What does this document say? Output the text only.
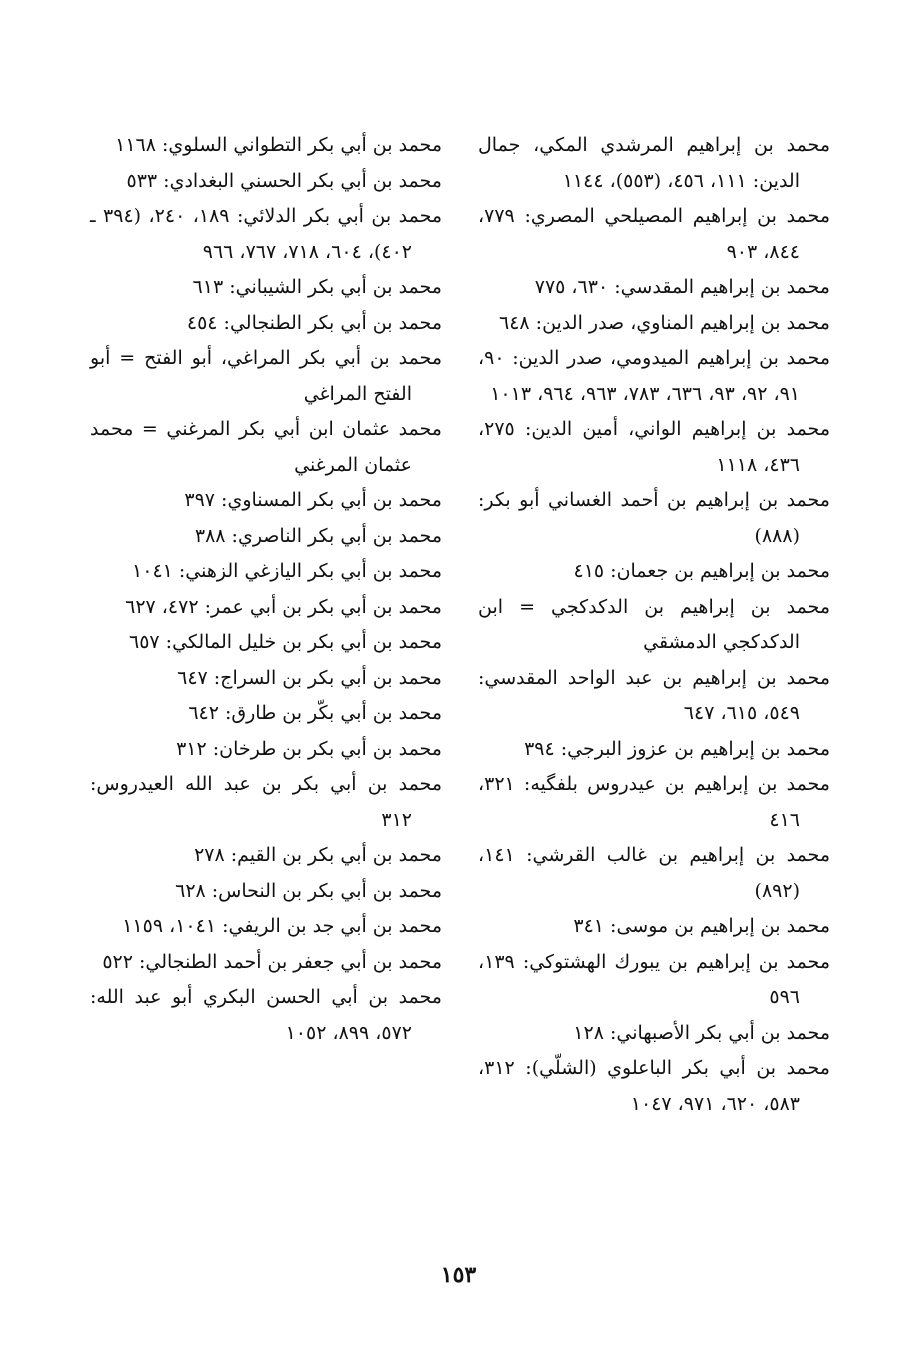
محمد بن إبراهيم المرشدي المكي، جمال الدين: ١١١، ٤٥٦، (٥٥٣)، ١١٤٤

محمد بن إبراهيم المصيلحي المصري: ٧٧٩، ٨٤٤، ٩٠٣

محمد بن إبراهيم المقدسي: ٦٣٠، ٧٧٥

محمد بن إبراهيم المناوي، صدر الدين: ٦٤٨

محمد بن إبراهيم الميدومي، صدر الدين: ٩٠، ٩١، ٩٢، ٩٣، ٦٣٦، ٧٨٣، ٩٦٣، ٩٦٤، ١٠١٣

محمد بن إبراهيم الواني، أمين الدين: ٢٧٥، ٤٣٦، ١١١٨

محمد بن إبراهيم بن أحمد الغساني أبو بكر: (٨٨٨)

محمد بن إبراهيم بن جعمان: ٤١٥

محمد بن إبراهيم بن الدكدكجي = ابن الدكدكجي الدمشقي

محمد بن إبراهيم بن عبد الواحد المقدسي: ٥٤٩، ٦١٥، ٦٤٧

محمد بن إبراهيم بن عزوز البرجي: ٣٩٤

محمد بن إبراهيم بن عيدروس بلفگيه: ٣٢١، ٤١٦

محمد بن إبراهيم بن غالب القرشي: ١٤١، (٨٩٢)

محمد بن إبراهيم بن موسى: ٣٤١

محمد بن إبراهيم بن يبورك الهشتوكي: ١٣٩، ٥٩٦

محمد بن أبي بكر الأصبهاني: ١٢٨

محمد بن أبي بكر الباعلوي (الشلّي): ٣١٢، ٥٨٣، ٦٢٠، ٩٧١، ١٠٤٧

محمد بن أبي بكر التطواني السلوي: ١١٦٨

محمد بن أبي بكر الحسني البغدادي: ٥٣٣

محمد بن أبي بكر الدلائي: ١٨٩، ٢٤٠، (٣٩٤ ـ ٤٠٢)، ٦٠٤، ٧١٨، ٧٦٧، ٩٦٦

محمد بن أبي بكر الشيباني: ٦١٣

محمد بن أبي بكر الطنجالي: ٤٥٤

محمد بن أبي بكر المراغي، أبو الفتح = أبو الفتح المراغي

محمد عثمان ابن أبي بكر المرغني = محمد عثمان المرغني

محمد بن أبي بكر المسناوي: ٣٩٧

محمد بن أبي بكر الناصري: ٣٨٨

محمد بن أبي بكر اليازغي الزهني: ١٠٤١

محمد بن أبي بكر بن أبي عمر: ٤٧٢، ٦٢٧

محمد بن أبي بكر بن خليل المالكي: ٦٥٧

محمد بن أبي بكر بن السراج: ٦٤٧

محمد بن أبي بكّر بن طارق: ٦٤٢

محمد بن أبي بكر بن طرخان: ٣١٢

محمد بن أبي بكر بن عبد الله العيدروس: ٣١٢

محمد بن أبي بكر بن القيم: ٢٧٨

محمد بن أبي بكر بن النحاس: ٦٢٨

محمد بن أبي جد بن الريفي: ١٠٤١، ١١٥٩

محمد بن أبي جعفر بن أحمد الطنجالي: ٥٢٢

محمد بن أبي الحسن البكري أبو عبد الله: ٥٧٢، ٨٩٩، ١٠٥٢

١٥٣
